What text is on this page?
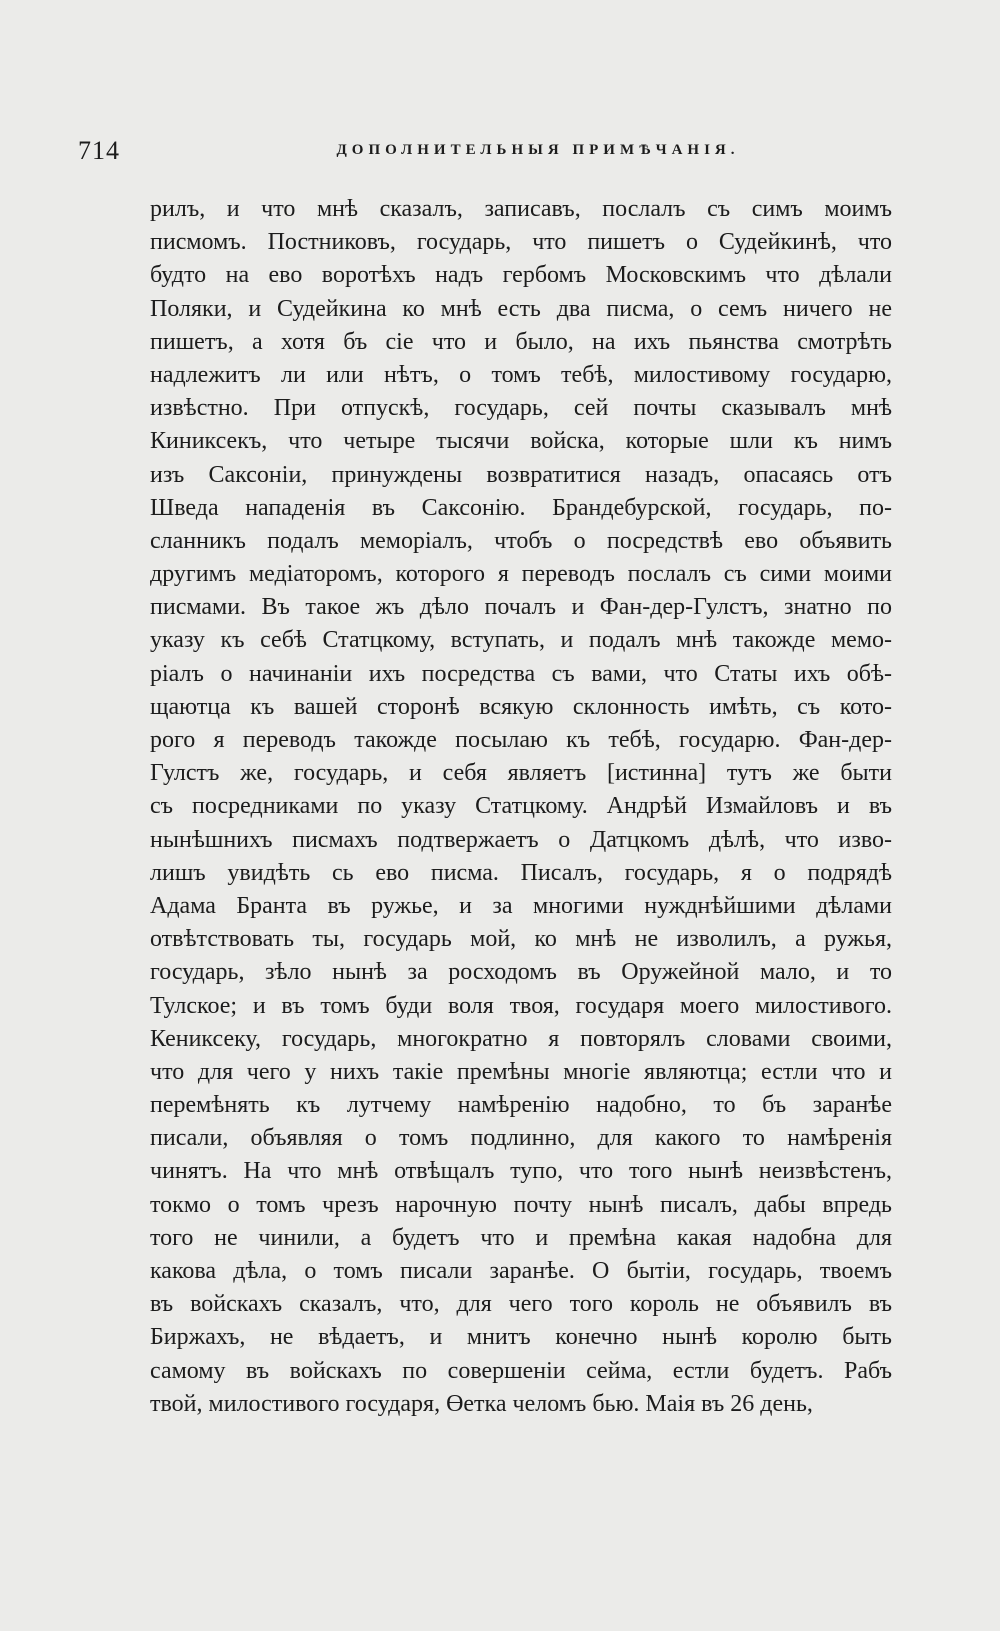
714	ДОПОЛНИТЕЛЬНЫЯ ПРИМѢЧАНІЯ.
рилъ, и что мнѣ сказалъ, записавъ, послалъ съ симъ моимъ
писмомъ. Постниковъ, государь, что пишетъ о Судейкинѣ, что
будто на ево воротѣхъ надъ гербомъ Московскимъ что дѣлали
Поляки, и Судейкина ко мнѣ есть два писма, о семъ ничего не
пишетъ, а хотя бъ сіе что и было, на ихъ пьянства смотрѣть
надлежитъ ли или нѣтъ, о томъ тебѣ, милостивому государю,
извѣстно. При отпускѣ, государь, сей почты сказывалъ мнѣ
Киниксекъ, что четыре тысячи войска, которые шли къ нимъ
изъ Саксоніи, принуждены возвратитися назадъ, опасаясь отъ
Шведа нападенія въ Саксонію. Брандебурской, государь, по-
сланникъ подалъ меморіалъ, чтобъ о посредствѣ ево объявить
другимъ медіаторомъ, которого я переводъ послалъ съ сими моими
писмами. Въ такое жъ дѣло почалъ и Фан-дер-Гулстъ, знатно по
указу къ себѣ Статцкому, вступать, и подалъ мнѣ такожде мемо-
ріалъ о начинаніи ихъ посредства съ вами, что Статы ихъ обѣ-
щаютца къ вашей сторонѣ всякую склонность имѣть, съ кото-
рого я переводъ такожде посылаю къ тебѣ, государю. Фан-дер-
Гулстъ же, государь, и себя являетъ [истинна] тутъ же быти
съ посредниками по указу Статцкому. Андрѣй Измайловъ и въ
нынѣшнихъ писмахъ подтвержаетъ о Датцкомъ дѣлѣ, что изво-
лишъ увидѣть сь ево писма. Писалъ, государь, я о подрядѣ
Адама Бранта въ ружье, и за многими нужднѣйшими дѣлами
отвѣтствовать ты, государь мой, ко мнѣ не изволилъ, а ружья,
государь, зѣло нынѣ за росходомъ въ Оружейной мало, и то
Тулское; и въ томъ буди воля твоя, государя моего милостивого.
Кениксеку, государь, многократно я повторялъ словами своими,
что для чего у нихъ такіе премѣны многіе являютца; естли что и
перемѣнять къ лутчему намѣренію надобно, то бъ заранѣе
писали, объявляя о томъ подлинно, для какого то намѣренія
чинятъ. На что мнѣ отвѣщалъ тупо, что того нынѣ неизвѣстенъ,
токмо о томъ чрезъ нарочную почту нынѣ писалъ, дабы впредь
того не чинили, а будетъ что и премѣна какая надобна для
какова дѣла, о томъ писали заранѣе. О бытіи, государь, твоемъ
въ войскахъ сказалъ, что, для чего того король не объявилъ въ
Биржахъ, не вѣдаетъ, и мнитъ конечно нынѣ королю быть
самому въ войскахъ по совершеніи сейма, естли будетъ. Рабъ
твой, милостивого государя, Өетка челомъ бью. Маія въ 26 день,
